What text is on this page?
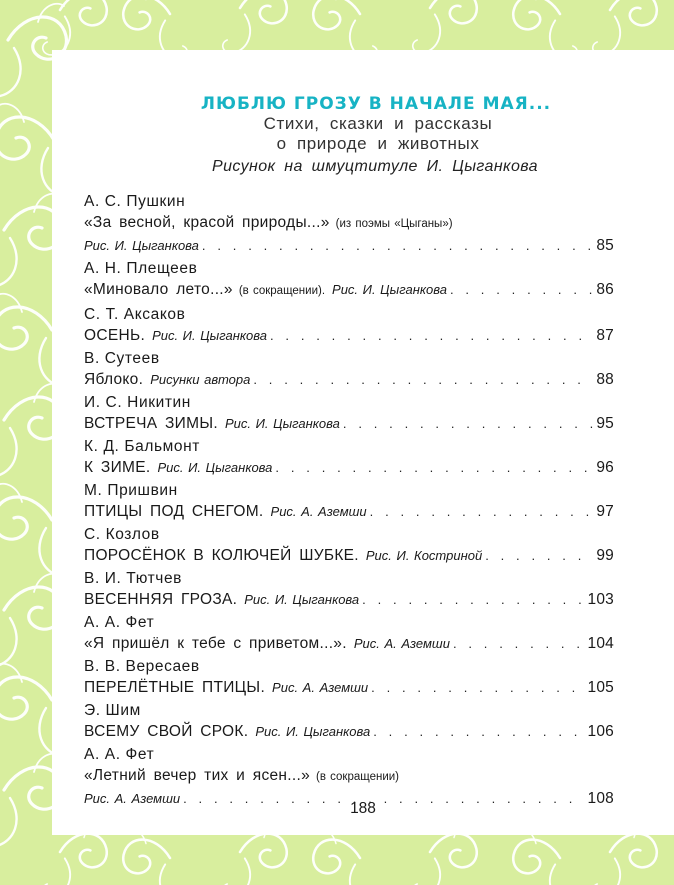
ЛЮБЛЮ ГРОЗУ В НАЧАЛЕ МАЯ...
Стихи, сказки и рассказы
о природе и животных
Рисунок на шмуцтитуле И. Цыганкова
А. С. Пушкин
«За весной, красой природы...» (из поэмы «Цыганы»)
Рис. И. Цыганкова . . .	85
А. Н. Плещеев
«Миновало лето...» (в сокращении). Рис. И. Цыганкова . . .	86
С. Т. Аксаков
ОСЕНЬ. Рис. И. Цыганкова . . .	87
В. Сутеев
Яблоко. Рисунки автора . . .	88
И. С. Никитин
ВСТРЕЧА ЗИМЫ. Рис. И. Цыганкова . . .	95
К. Д. Бальмонт
К ЗИМЕ. Рис. И. Цыганкова . . .	96
М. Пришвин
ПТИЦЫ ПОД СНЕГОМ. Рис. А. Аземши . . .	97
С. Козлов
ПОРОСЁНОК В КОЛЮЧЕЙ ШУБКЕ. Рис. И. Костриной . . .	99
В. И. Тютчев
ВЕСЕННЯЯ ГРОЗА. Рис. И. Цыганкова . . .	103
А. А. Фет
«Я пришёл к тебе с приветом...». Рис. А. Аземши . . .	104
В. В. Вересаев
ПЕРЕЛЁТНЫЕ ПТИЦЫ. Рис. А. Аземши . . .	105
Э. Шим
ВСЕМУ СВОЙ СРОК. Рис. И. Цыганкова . . .	106
А. А. Фет
«Летний вечер тих и ясен...» (в сокращении)
Рис. А. Аземши . . .	108
188
